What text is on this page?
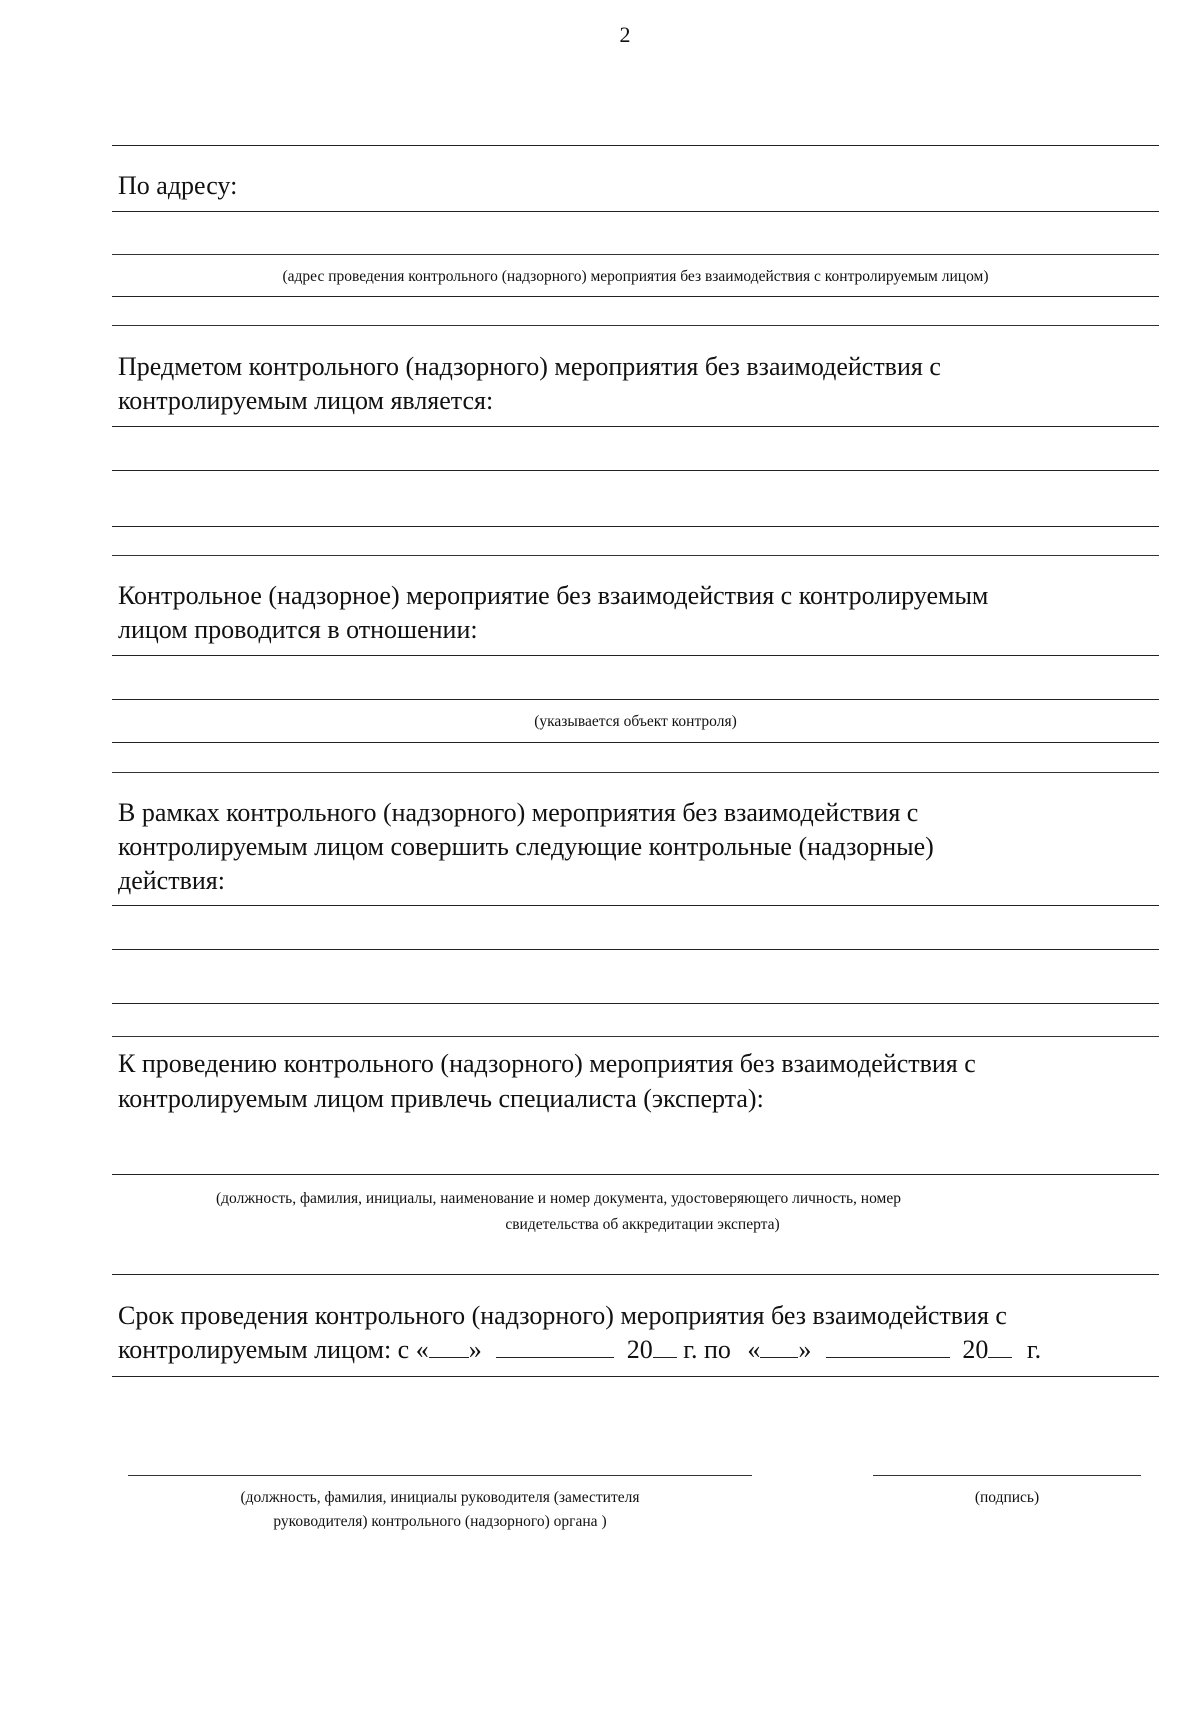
2
По адресу:
(адрес проведения контрольного (надзорного) мероприятия без взаимодействия с контролируемым лицом)
Предметом контрольного (надзорного) мероприятия без взаимодействия с
контролируемым лицом является:
Контрольное (надзорное) мероприятие без взаимодействия с контролируемым
лицом проводится в отношении:
(указывается объект контроля)
В рамках контрольного (надзорного) мероприятия без взаимодействия с
контролируемым лицом совершить следующие контрольные (надзорные)
действия:
К проведению контрольного (надзорного) мероприятия без взаимодействия с
контролируемым лицом привлечь специалиста (эксперта):
(должность, фамилия, инициалы, наименование и номер документа, удостоверяющего личность, номер
свидетельства об аккредитации эксперта)
Срок проведения контрольного (надзорного) мероприятия без взаимодействия с
контролируемым лицом: с « »	20 г. по « »	20 г.
(должность, фамилия, инициалы руководителя (заместителя
руководителя) контрольного (надзорного) органа )
(подпись)
